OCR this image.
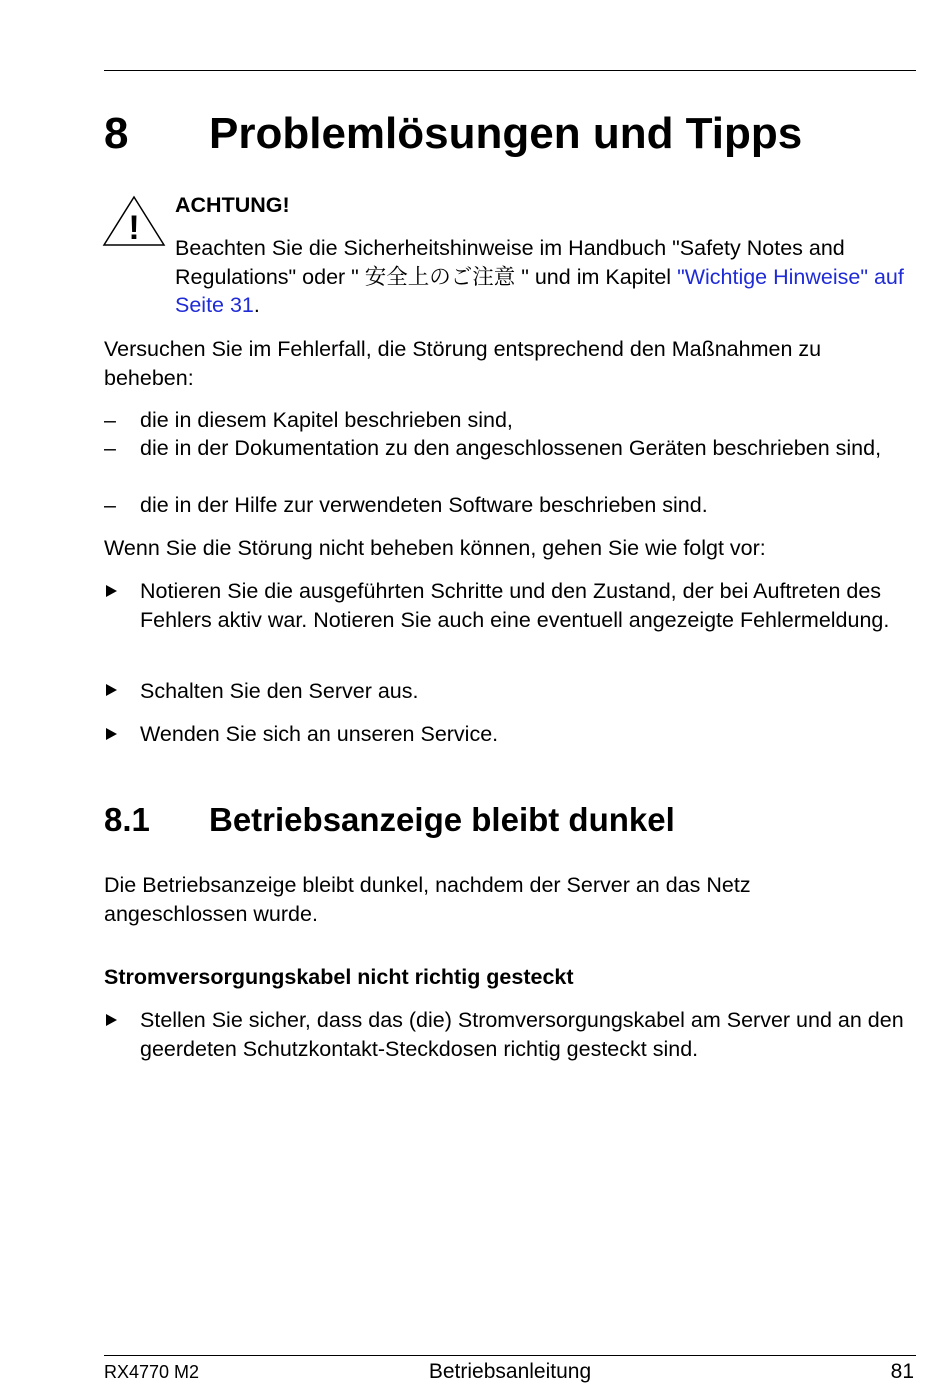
8 Problemlösungen und Tipps
!
ACHTUNG!
Beachten Sie die Sicherheitshinweise im Handbuch "Safety Notes and Regulations" oder " 安全上のご注意 " und im Kapitel "Wichtige Hinweise" auf Seite 31.
Versuchen Sie im Fehlerfall, die Störung entsprechend den Maßnahmen zu beheben:
– die in diesem Kapitel beschrieben sind,
– die in der Dokumentation zu den angeschlossenen Geräten beschrieben sind,
– die in der Hilfe zur verwendeten Software beschrieben sind.
Wenn Sie die Störung nicht beheben können, gehen Sie wie folgt vor:
Notieren Sie die ausgeführten Schritte und den Zustand, der bei Auftreten des Fehlers aktiv war. Notieren Sie auch eine eventuell angezeigte Fehlermeldung.
Schalten Sie den Server aus.
Wenden Sie sich an unseren Service.
8.1 Betriebsanzeige bleibt dunkel
Die Betriebsanzeige bleibt dunkel, nachdem der Server an das Netz angeschlossen wurde.
Stromversorgungskabel nicht richtig gesteckt
Stellen Sie sicher, dass das (die) Stromversorgungskabel am Server und an den geerdeten Schutzkontakt-Steckdosen richtig gesteckt sind.
RX4770 M2	Betriebsanleitung	81
